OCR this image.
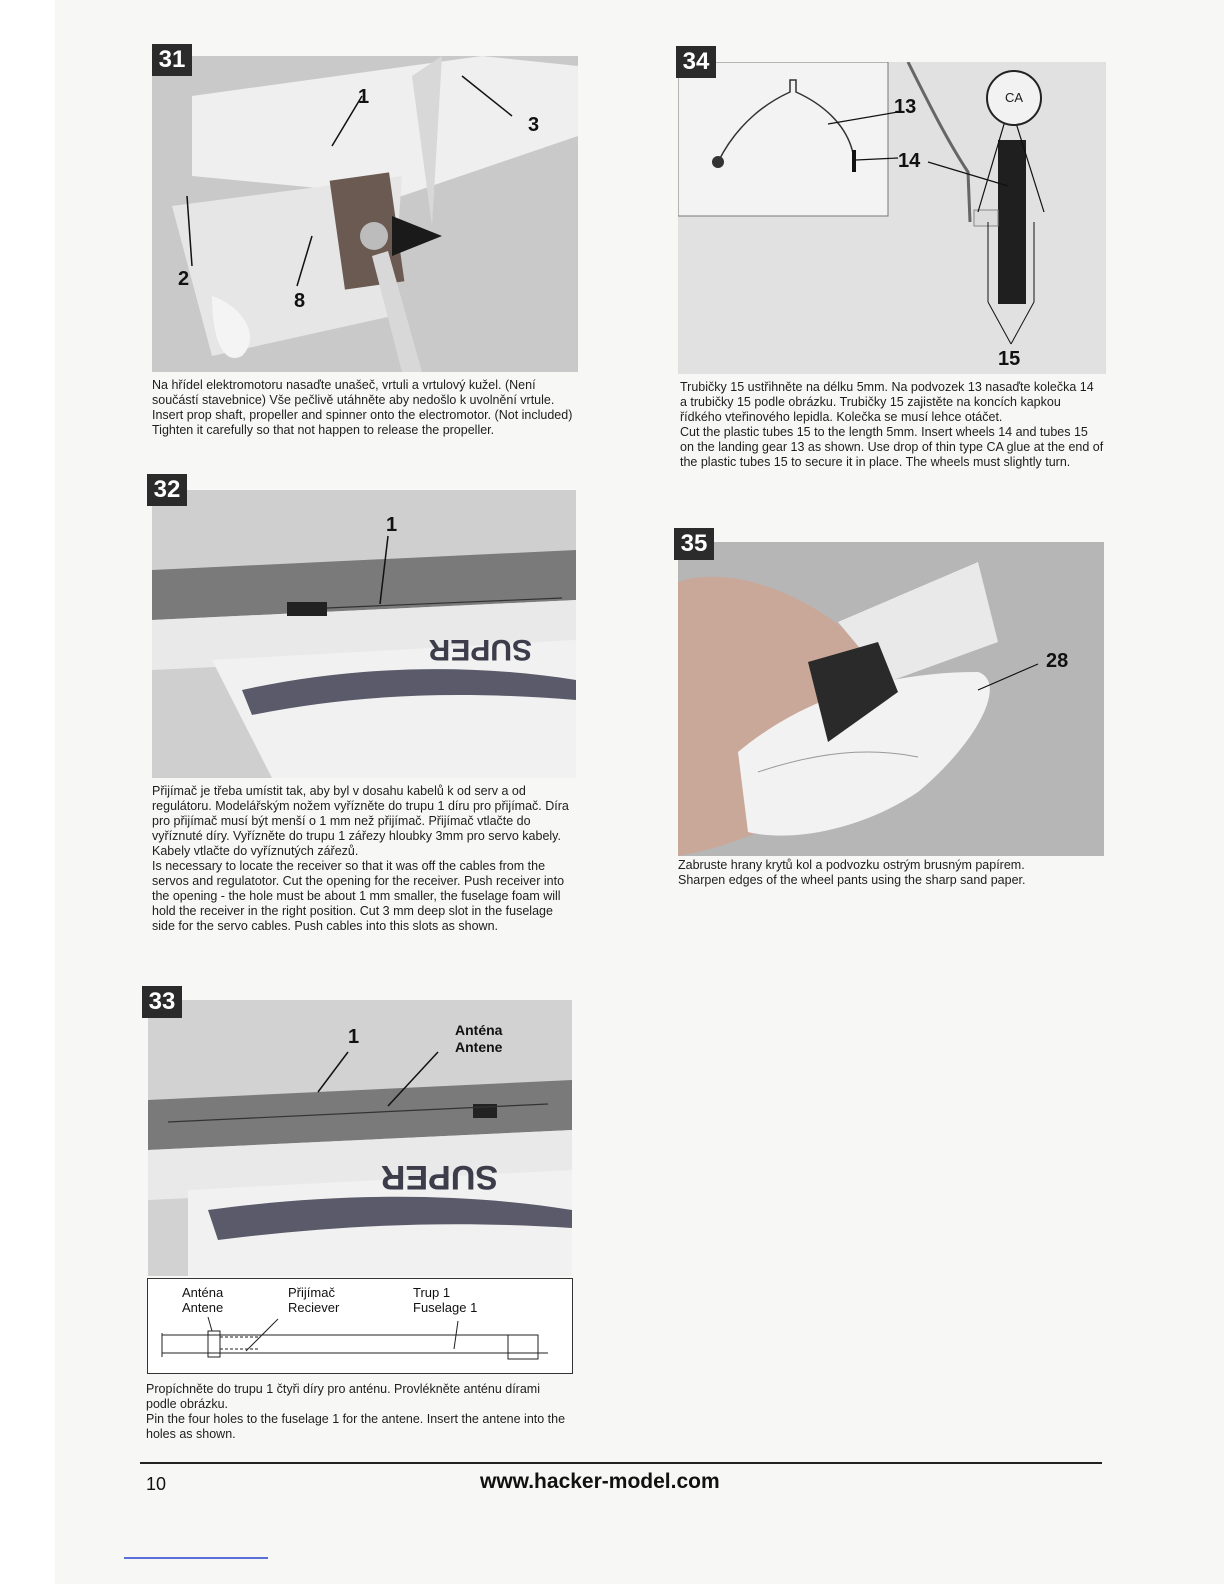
31
1
2
3
8

Na hřídel elektromotoru nasaďte unašeč, vrtuli a vrtulový kužel. (Není součástí stavebnice) Vše pečlivě utáhněte aby nedošlo k uvolnění vrtule.

Insert prop shaft, propeller and spinner onto the electromotor. (Not included) Tighten it carefully so that not happen to release the propeller.

32
SUPER
1

Přijímač je třeba umístit tak, aby byl v dosahu kabelů k od serv a od regulátoru. Modelářským nožem vyřízněte do trupu 1 díru pro přijímač. Díra pro přijímač musí být menší o 1 mm než přijímač. Přijímač vtlačte do vyříznuté díry. Vyřízněte do trupu 1 zářezy hloubky 3mm pro servo kabely. Kabely vtlačte do vyříznutých zářezů.

Is necessary to locate the receiver so that it was off the cables from the servos and regulatotor. Cut the opening for the receiver. Push receiver into the opening - the hole must be about 1 mm smaller, the fuselage foam will hold the receiver in the right position. Cut 3 mm deep slot in the fuselage side for the servo cables. Push cables into this slots as shown.

33
SUPER
1	Anténa
Antene
Anténa
Antene
Přijímač
Reciever
Trup 1
Fuselage 1

Propíchněte do trupu 1 čtyři díry pro anténu. Provlékněte anténu dírami podle obrázku.

Pin the four holes to the fuselage 1 for the antene. Insert the antene into the holes as shown.

34
CA
13
14
15

Trubičky 15 ustřihněte na délku 5mm. Na podvozek 13 nasaďte kolečka 14 a trubičky 15 podle obrázku. Trubičky 15 zajistěte na koncích kapkou řídkého vteřinového lepidla. Kolečka se musí lehce otáčet.

Cut the plastic tubes 15 to the length 5mm. Insert wheels 14 and tubes 15 on the landing gear 13 as shown. Use drop of thin type CA glue at the end of the plastic tubes 15 to secure it in place. The wheels must slightly turn.

35
28

Zabruste hrany krytů kol a podvozku ostrým brusným papírem.

Sharpen edges of the wheel pants using the sharp sand paper.

10	www.hacker-model.com
